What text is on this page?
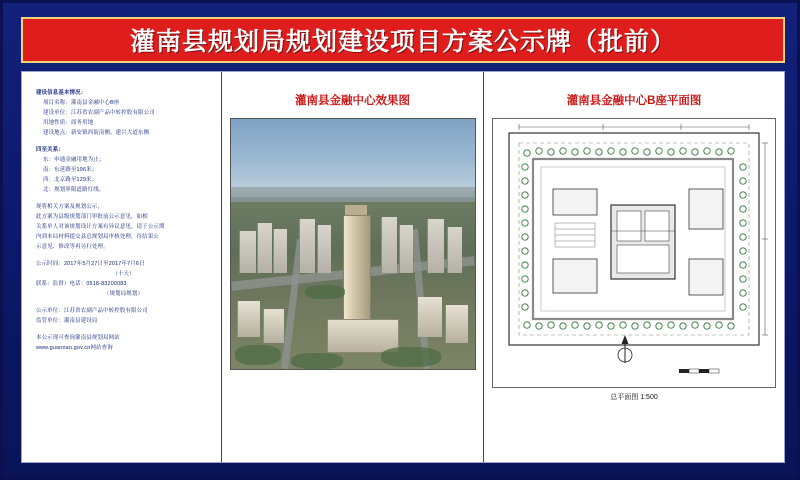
灌南县规划局规划建设项目方案公示牌（批前）
建设信息基本情况：
项目名称：灌南县金融中心B座
建设单位：江苏省农副产品中转控股有限公司
用地性质：商务用地
建设地点：新安镇西街南侧、建兴大道东侧
四至关系：
东：申通金融用地为止；
南：东延路至196米；
西：北京路至129米；
北：规划界限道路红线。
现将相关方案及规划公示，
此方案为县级规划部门审批前公示意见，如相
关系单人对该规划设计方案有异议意见，请于公示期
内到本局材料提交县总规划局审核处理，待结果公
示意见、修改等再另行处理。
公示时间：2017年5月27日至2017年7月6日
（十天）
联系：监督）电话：0518-83200083
（规划局规划）
公示单位：江苏省农副产品中转控股有限公司
监管单位：灌南县建设局
本公示现可查询灌南县规划局网站
www.guannan.gov.cn网站查询
灌南县金融中心效果图	灌南县金融中心B座平面图
总平面图 1:500
